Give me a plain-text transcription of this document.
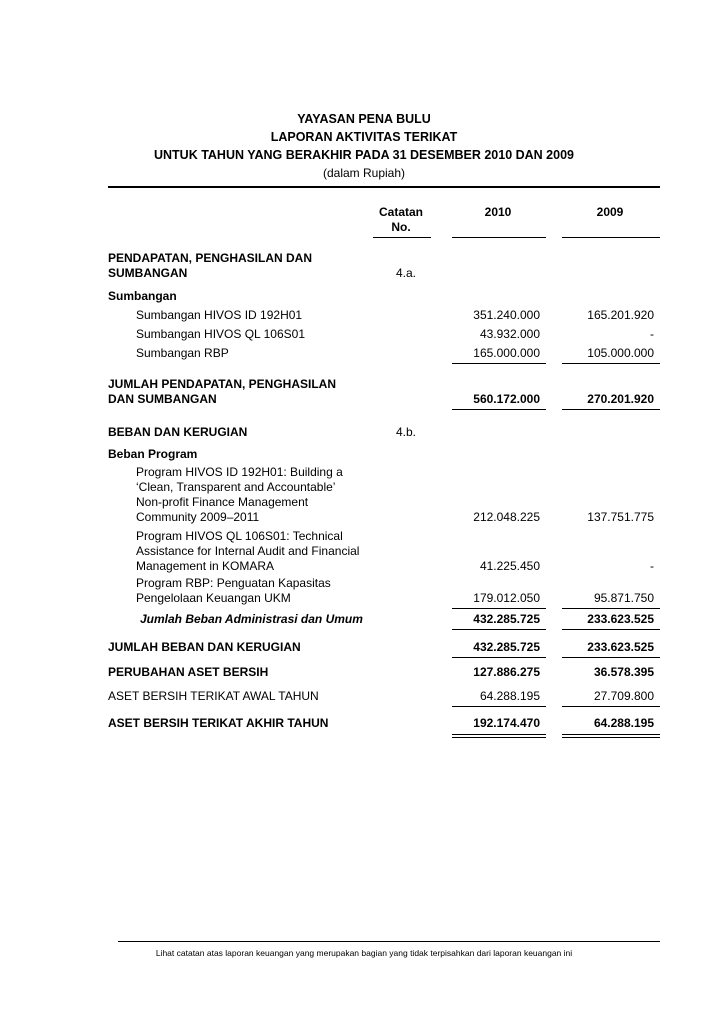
YAYASAN PENA BULU
LAPORAN AKTIVITAS TERIKAT
UNTUK TAHUN YANG BERAKHIR PADA 31 DESEMBER 2010 DAN 2009
(dalam Rupiah)
Catatan
No.
2010	2009
PENDAPATAN, PENGHASILAN DAN
SUMBANGAN	4.a.
Sumbangan
Sumbangan HIVOS ID 192H01	351.240.000	165.201.920
Sumbangan HIVOS QL 106S01	43.932.000	-
Sumbangan RBP	165.000.000	105.000.000
JUMLAH PENDAPATAN, PENGHASILAN
DAN SUMBANGAN	560.172.000	270.201.920
BEBAN DAN KERUGIAN	4.b.
Beban Program
Program HIVOS ID 192H01: Building a
‘Clean, Transparent and Accountable’
Non-profit Finance Management
Community 2009–2011	212.048.225	137.751.775
Program HIVOS QL 106S01: Technical
Assistance for Internal Audit and Financial
Management in KOMARA	41.225.450	-
Program RBP: Penguatan Kapasitas
Pengelolaan Keuangan UKM	179.012.050	95.871.750
Jumlah Beban Administrasi dan Umum	432.285.725	233.623.525
JUMLAH BEBAN DAN KERUGIAN	432.285.725	233.623.525
PERUBAHAN ASET BERSIH	127.886.275	36.578.395
ASET BERSIH TERIKAT AWAL TAHUN	64.288.195	27.709.800
ASET BERSIH TERIKAT AKHIR TAHUN	192.174.470	64.288.195
Lihat catatan atas laporan keuangan yang merupakan bagian yang tidak terpisahkan dari laporan keuangan ini
